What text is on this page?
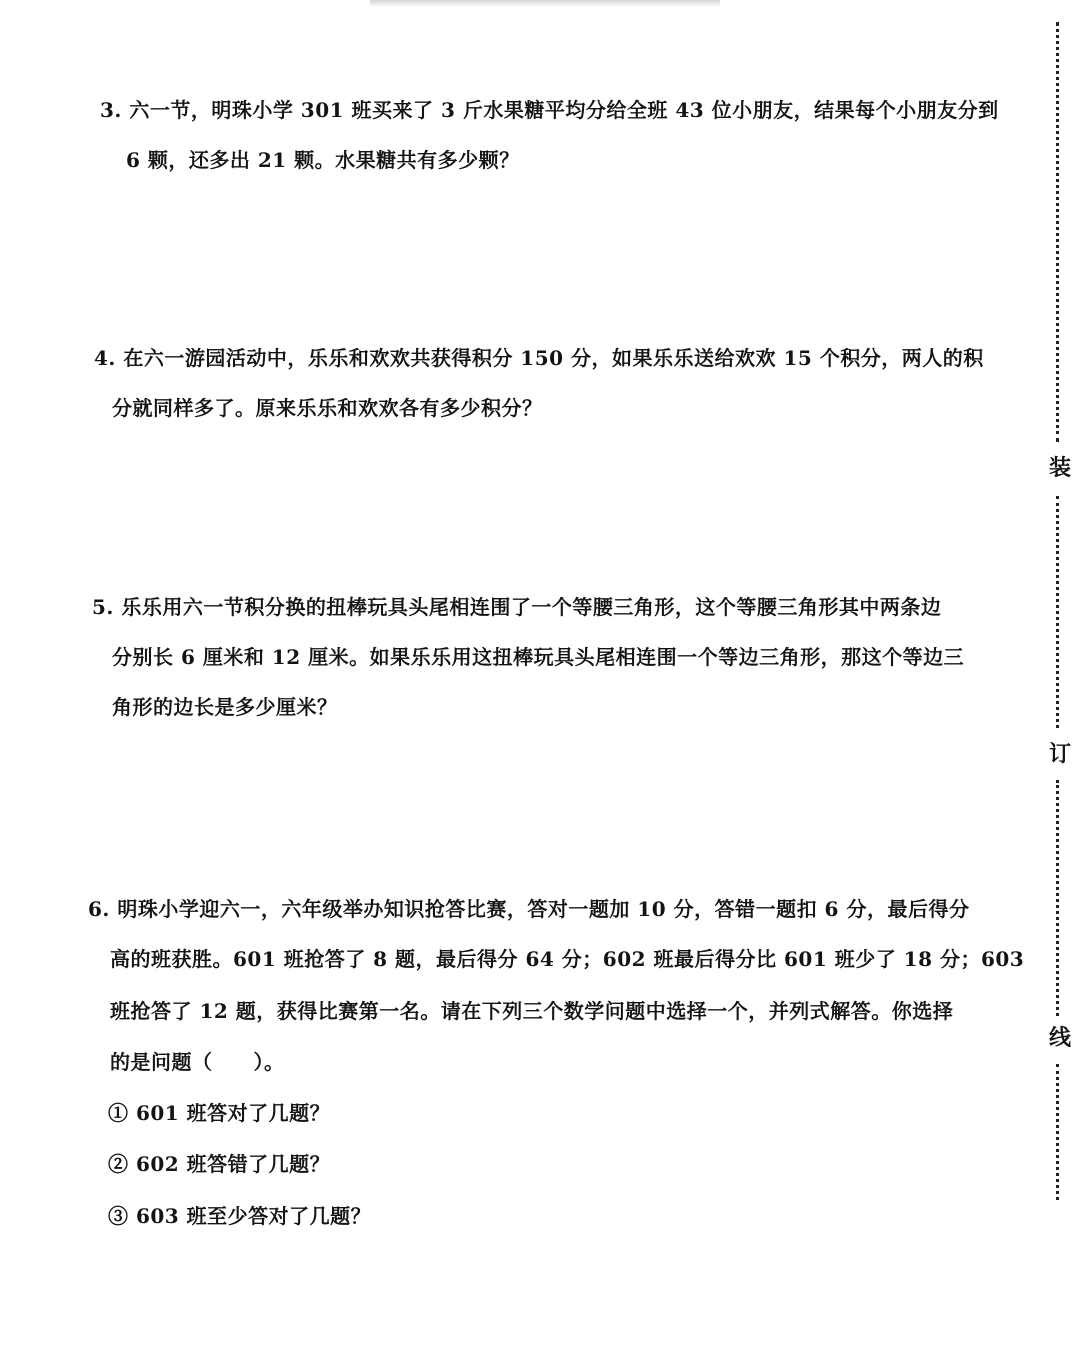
3. 六一节，明珠小学 301 班买来了 3 斤水果糖平均分给全班 43 位小朋友，结果每个小朋友分到
6 颗，还多出 21 颗。水果糖共有多少颗？
4. 在六一游园活动中，乐乐和欢欢共获得积分 150 分，如果乐乐送给欢欢 15 个积分，两人的积
分就同样多了。原来乐乐和欢欢各有多少积分？
5. 乐乐用六一节积分换的扭棒玩具头尾相连围了一个等腰三角形，这个等腰三角形其中两条边
分别长 6 厘米和 12 厘米。如果乐乐用这扭棒玩具头尾相连围一个等边三角形，那这个等边三
角形的边长是多少厘米？
6. 明珠小学迎六一，六年级举办知识抢答比赛，答对一题加 10 分，答错一题扣 6 分，最后得分
高的班获胜。601 班抢答了 8 题，最后得分 64 分；602 班最后得分比 601 班少了 18 分；603
班抢答了 12 题，获得比赛第一名。请在下列三个数学问题中选择一个，并列式解答。你选择
的是问题（　　）。
① 601 班答对了几题？
② 602 班答错了几题？
③ 603 班至少答对了几题？
装
订
线
